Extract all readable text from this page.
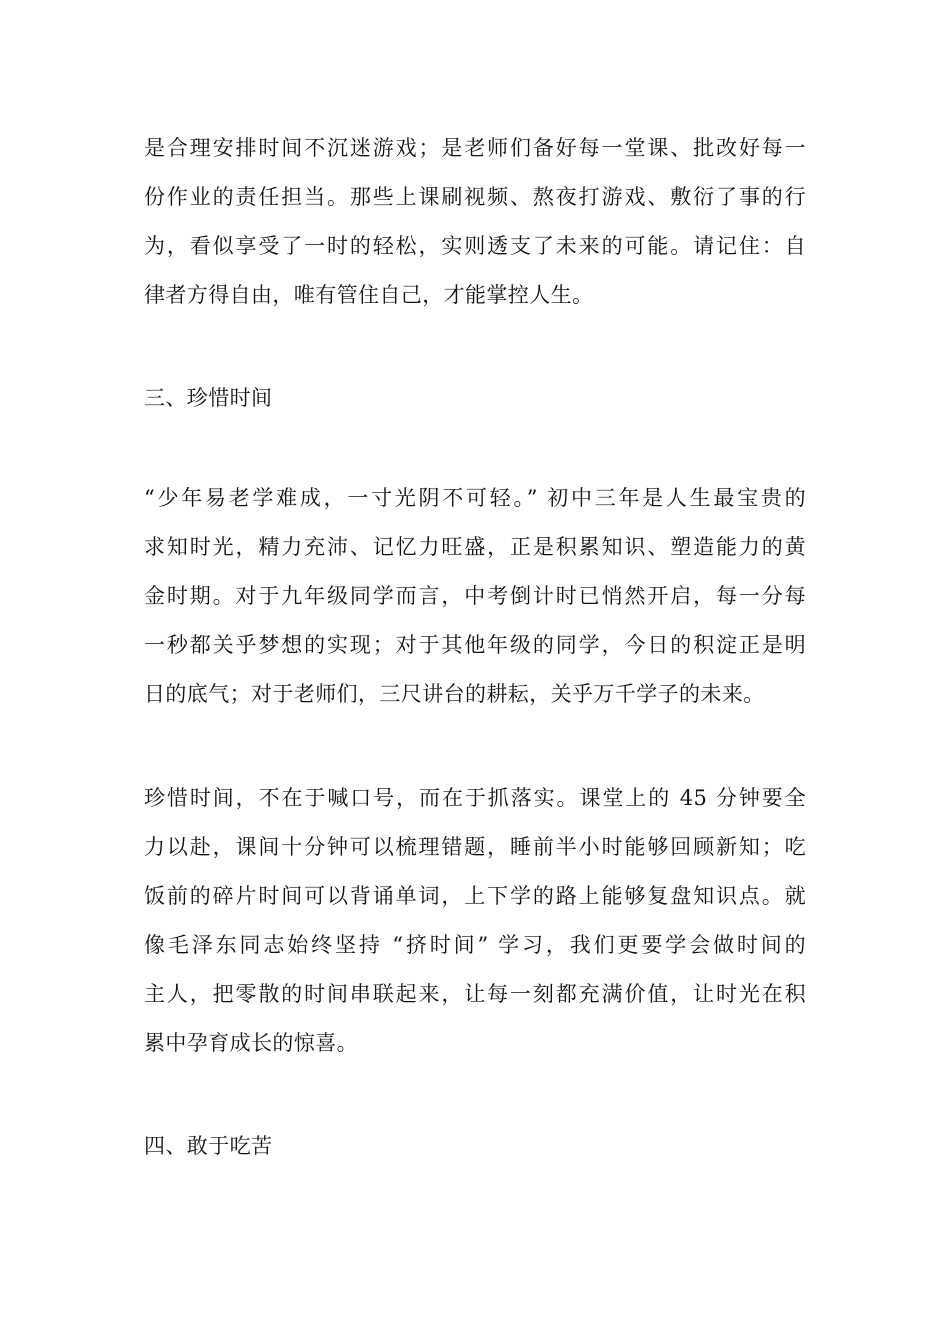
是合理安排时间不沉迷游戏；是老师们备好每一堂课、批改好每一
份作业的责任担当。那些上课刷视频、熬夜打游戏、敷衍了事的行
为，看似享受了一时的轻松，实则透支了未来的可能。请记住：自
律者方得自由，唯有管住自己，才能掌控人生。

三、珍惜时间

“少年易老学难成，一寸光阴不可轻。” 初中三年是人生最宝贵的
求知时光，精力充沛、记忆力旺盛，正是积累知识、塑造能力的黄
金时期。对于九年级同学而言，中考倒计时已悄然开启，每一分每
一秒都关乎梦想的实现；对于其他年级的同学，今日的积淀正是明
日的底气；对于老师们，三尺讲台的耕耘，关乎万千学子的未来。

珍惜时间，不在于喊口号，而在于抓落实。课堂上的 45 分钟要全
力以赴，课间十分钟可以梳理错题，睡前半小时能够回顾新知；吃
饭前的碎片时间可以背诵单词，上下学的路上能够复盘知识点。就
像毛泽东同志始终坚持 “挤时间” 学习，我们更要学会做时间的
主人，把零散的时间串联起来，让每一刻都充满价值，让时光在积
累中孕育成长的惊喜。

四、敢于吃苦
